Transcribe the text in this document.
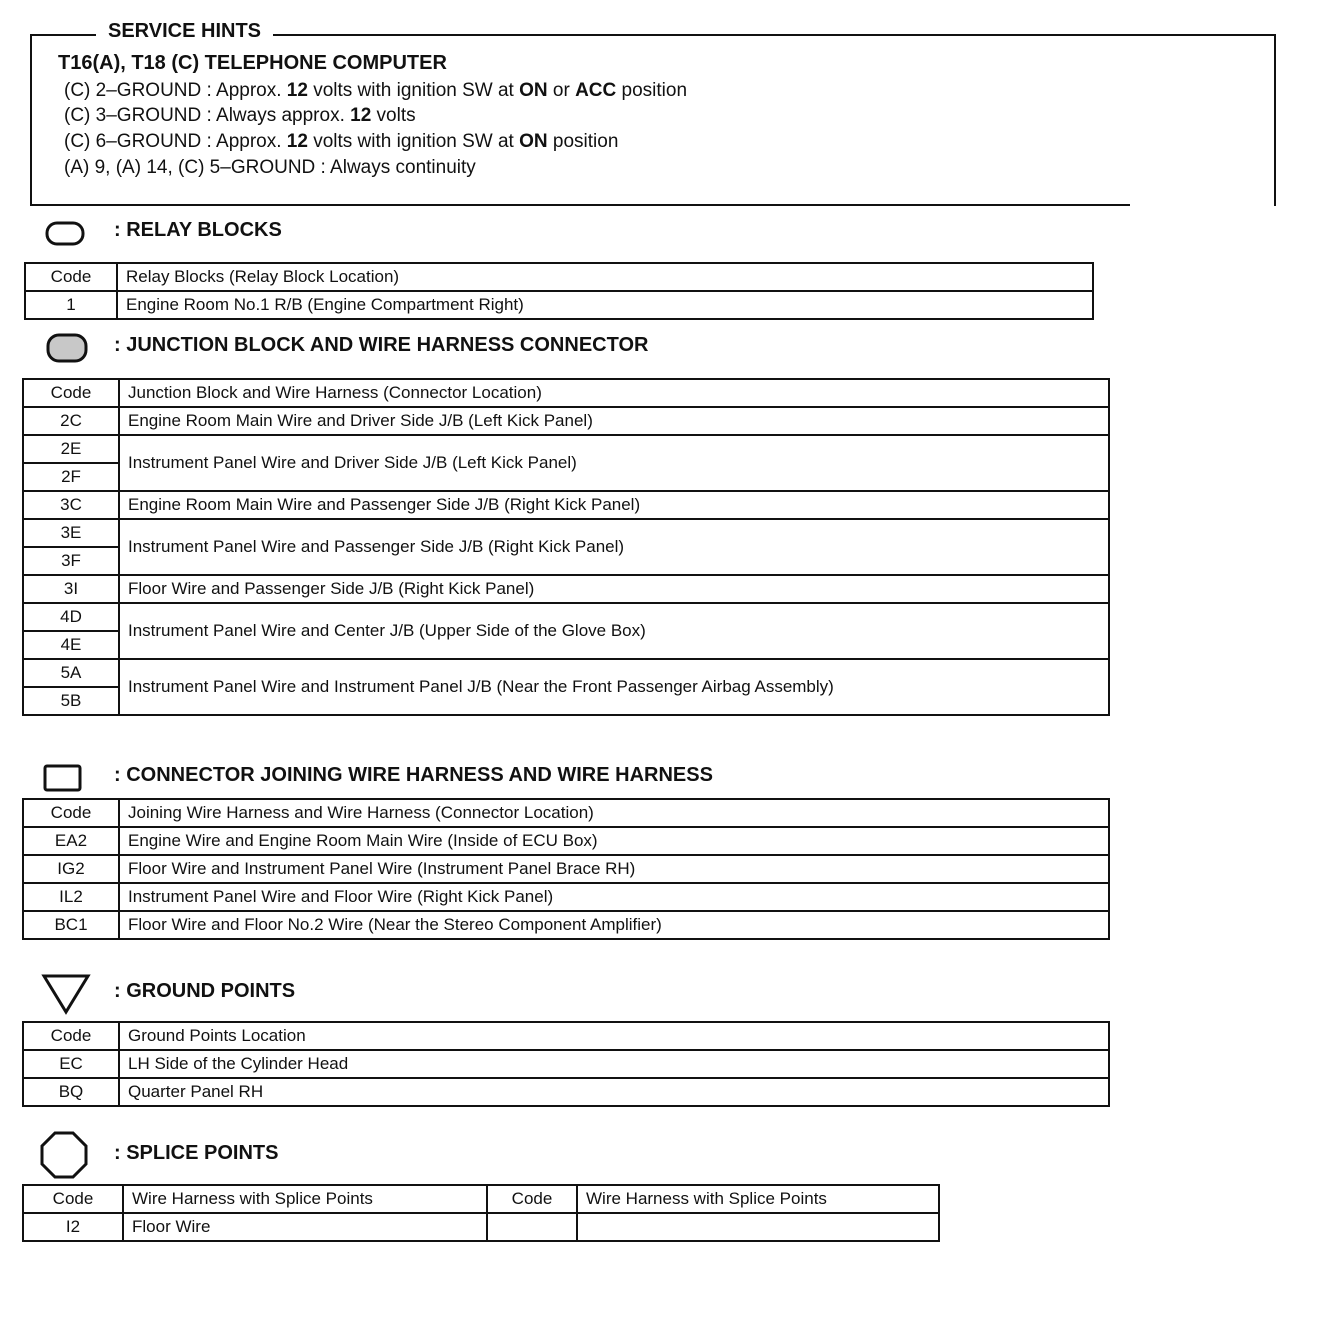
SERVICE HINTS
T16(A), T18 (C) TELEPHONE COMPUTER
(C) 2–GROUND : Approx. 12 volts with ignition SW at ON or ACC position
(C) 3–GROUND : Always approx. 12 volts
(C) 6–GROUND : Approx. 12 volts with ignition SW at ON position
(A) 9, (A) 14, (C) 5–GROUND : Always continuity
: RELAY BLOCKS
Code	Relay Blocks (Relay Block Location)
1	Engine Room No.1 R/B (Engine Compartment Right)
: JUNCTION BLOCK AND WIRE HARNESS CONNECTOR
Code	Junction Block and Wire Harness (Connector Location)
2C	Engine Room Main Wire and Driver Side J/B (Left Kick Panel)
2E	Instrument Panel Wire and Driver Side J/B (Left Kick Panel)
2F	
3C	Engine Room Main Wire and Passenger Side J/B (Right Kick Panel)
3E	Instrument Panel Wire and Passenger Side J/B (Right Kick Panel)
3F	
3I	Floor Wire and Passenger Side J/B (Right Kick Panel)
4D	Instrument Panel Wire and Center J/B (Upper Side of the Glove Box)
4E	
5A	Instrument Panel Wire and Instrument Panel J/B (Near the Front Passenger Airbag Assembly)
5B	
: CONNECTOR JOINING WIRE HARNESS AND WIRE HARNESS
Code	Joining Wire Harness and Wire Harness (Connector Location)
EA2	Engine Wire and Engine Room Main Wire (Inside of ECU Box)
IG2	Floor Wire and Instrument Panel Wire (Instrument Panel Brace RH)
IL2	Instrument Panel Wire and Floor Wire (Right Kick Panel)
BC1	Floor Wire and Floor No.2 Wire (Near the Stereo Component Amplifier)
: GROUND POINTS
Code	Ground Points Location
EC	LH Side of the Cylinder Head
BQ	Quarter Panel RH
: SPLICE POINTS
Code	Wire Harness with Splice Points	Code	Wire Harness with Splice Points
I2	Floor Wire		
